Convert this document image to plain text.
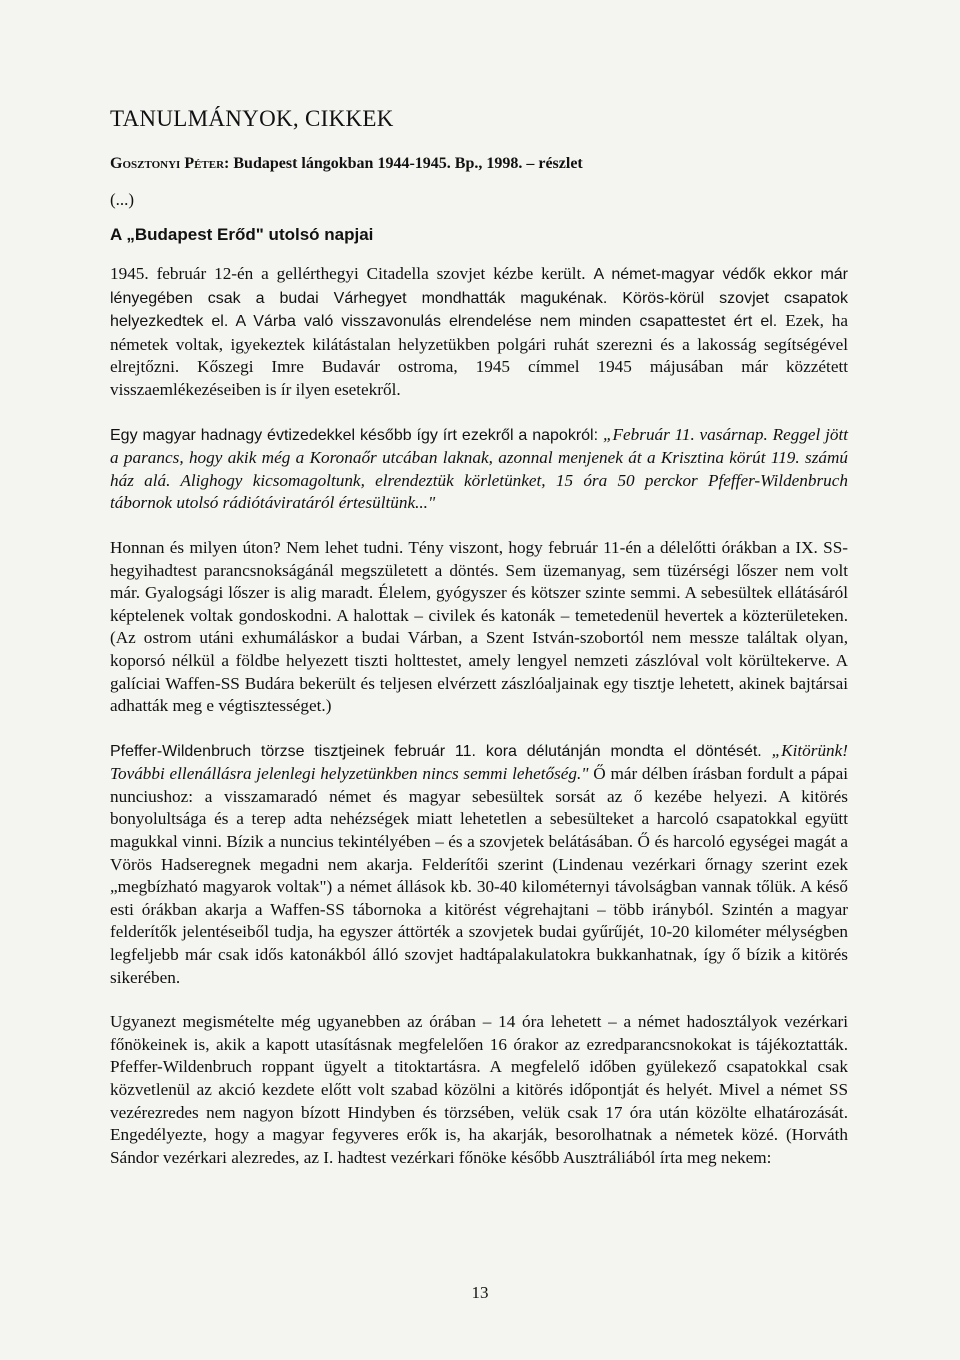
TANULMÁNYOK, CIKKEK
Gosztonyi Péter: Budapest lángokban 1944-1945. Bp., 1998. – részlet
(...)
A „Budapest Erőd" utolsó napjai

1945. február 12-én a gellérthegyi Citadella szovjet kézbe került. A német-magyar védők ekkor már lényegében csak a budai Várhegyet mondhatták magukénak. Körös-körül szovjet csapatok helyezkedtek el. A Várba való visszavonulás elrendelése nem minden csapattestet ért el. Ezek, ha németek voltak, igyekeztek kilátástalan helyzetükben polgári ruhát szerezni és a lakosság segítségével elrejtőzni. Kőszegi Imre Budavár ostroma, 1945 címmel 1945 májusában már közzétett visszaemlékezéseiben is ír ilyen esetekről.

Egy magyar hadnagy évtizedekkel később így írt ezekről a napokról: „Február 11. vasárnap. Reggel jött a parancs, hogy akik még a Koronaőr utcában laknak, azonnal menjenek át a Krisztina körút 119. számú ház alá. Alighogy kicsomagoltunk, elrendeztük körletünket, 15 óra 50 perckor Pfeffer-Wildenbruch tábornok utolsó rádiótáviratáról értesültünk..."

Honnan és milyen úton? Nem lehet tudni. Tény viszont, hogy február 11-én a délelőtti órákban a IX. SS-hegyihadtest parancsnokságánál megszületett a döntés. Sem üzemanyag, sem tüzérségi lőszer nem volt már. Gyalogsági lőszer is alig maradt. Élelem, gyógyszer és kötszer szinte semmi. A sebesültek ellátásáról képtelenek voltak gondoskodni. A halottak – civilek és katonák – temetedenül hevertek a közterületeken. (Az ostrom utáni exhumáláskor a budai Várban, a Szent István-szobortól nem messze találtak olyan, koporsó nélkül a földbe helyezett tiszti holttestet, amely lengyel nemzeti zászlóval volt körültekerve. A galíciai Waffen-SS Budára bekerült és teljesen elvérzett zászlóaljainak egy tisztje lehetett, akinek bajtársai adhatták meg e végtisztességet.)

Pfeffer-Wildenbruch törzse tisztjeinek február 11. kora délutánján mondta el döntését. „Kitörünk! További ellenállásra jelenlegi helyzetünkben nincs semmi lehetőség." Ő már délben írásban fordult a pápai nunciushoz: a visszamaradó német és magyar sebesültek sorsát az ő kezébe helyezi. A kitörés bonyolultsága és a terep adta nehézségek miatt lehetetlen a sebesülteket a harcoló csapatokkal együtt magukkal vinni. Bízik a nuncius tekintélyében – és a szovjetek belátásában. Ő és harcoló egységei magát a Vörös Hadseregnek megadni nem akarja. Felderítői szerint (Lindenau vezérkari őrnagy szerint ezek „megbízható magyarok voltak") a német állások kb. 30-40 kilométernyi távolságban vannak tőlük. A késő esti órákban akarja a Waffen-SS tábornoka a kitörést végrehajtani – több irányból. Szintén a magyar felderítők jelentéseiből tudja, ha egyszer áttörték a szovjetek budai gyűrűjét, 10-20 kilométer mélységben legfeljebb már csak idős katonákból álló szovjet hadtápalakulatokra bukkanhatnak, így ő bízik a kitörés sikerében.

Ugyanezt megismételte még ugyanebben az órában – 14 óra lehetett – a német hadosztályok vezérkari főnökeinek is, akik a kapott utasításnak megfelelően 16 órakor az ezredparancsnokokat is tájékoztatták. Pfeffer-Wildenbruch roppant ügyelt a titoktartásra. A megfelelő időben gyülekező csapatokkal csak közvetlenül az akció kezdete előtt volt szabad közölni a kitörés időpontját és helyét. Mivel a német SS vezérezredes nem nagyon bízott Hindyben és törzsében, velük csak 17 óra után közölte elhatározását. Engedélyezte, hogy a magyar fegyveres erők is, ha akarják, besorolhatnak a németek közé. (Horváth Sándor vezérkari alezredes, az I. hadtest vezérkari főnöke később Ausztráliából írta meg nekem:

13
